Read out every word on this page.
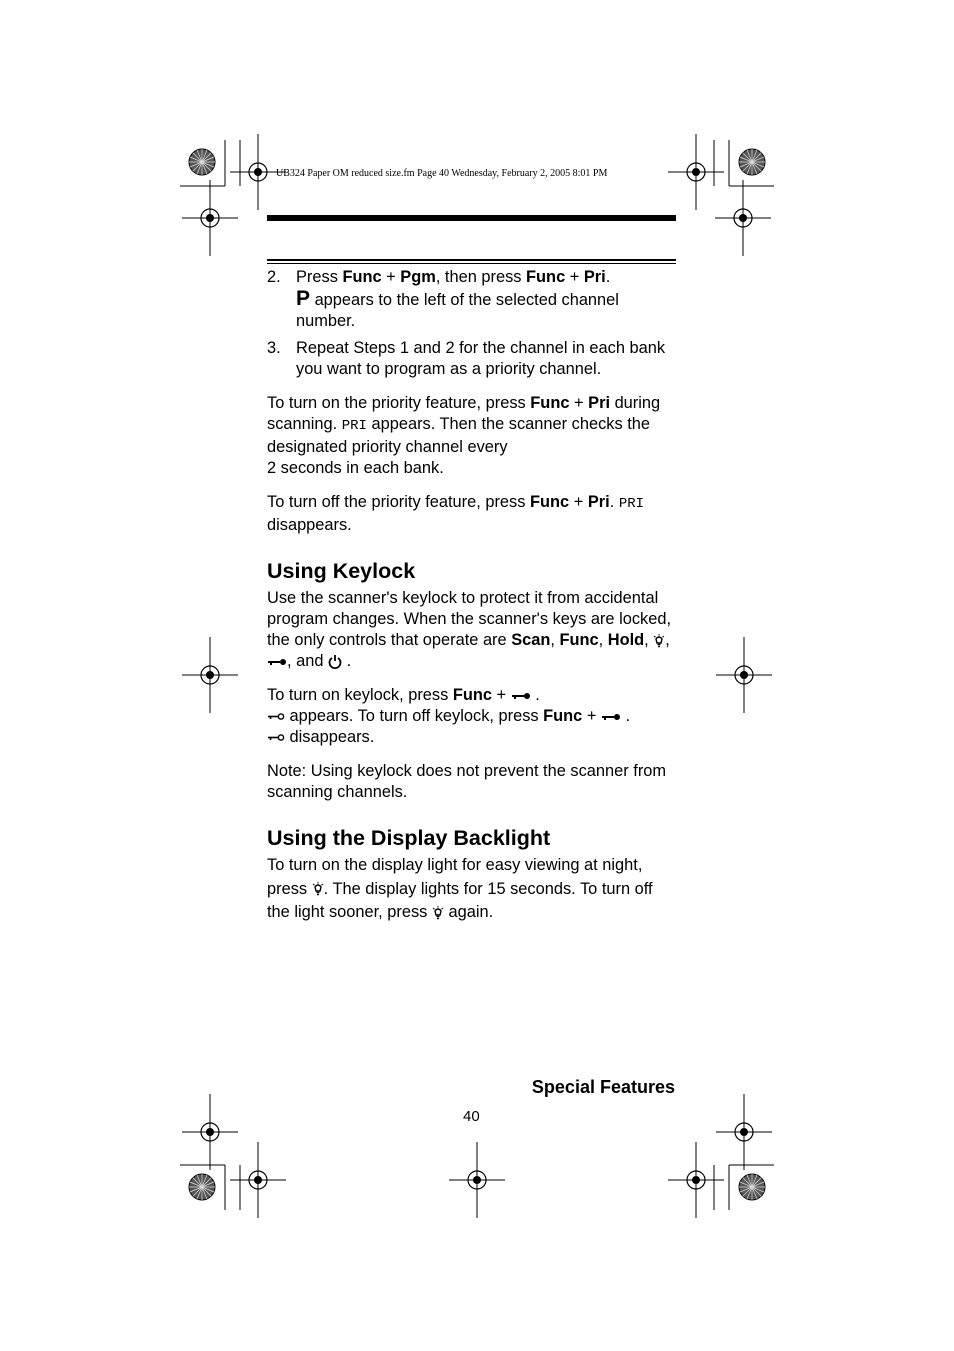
UB324 Paper OM reduced size.fm Page 40 Wednesday, February 2, 2005 8:01 PM
2. Press Func + Pgm, then press Func + Pri.
P appears to the left of the selected channel number.
3. Repeat Steps 1 and 2 for the channel in each bank you want to program as a priority channel.

To turn on the priority feature, press Func + Pri during scanning. PRI appears. Then the scanner checks the designated priority channel every
2 seconds in each bank.

To turn off the priority feature, press Func + Pri. PRI
disappears.

Using Keylock

Use the scanner's keylock to protect it from accidental program changes. When the scanner's keys are locked, the only controls that operate are Scan, Func, Hold, , , and  .

To turn on keylock, press Func +  .
appears. To turn off keylock, press Func +  .
disappears.

Note: Using keylock does not prevent the scanner from scanning channels.

Using the Display Backlight

To turn on the display light for easy viewing at night, press . The display lights for 15 seconds. To turn off the light sooner, press  again.

Special Features
40
